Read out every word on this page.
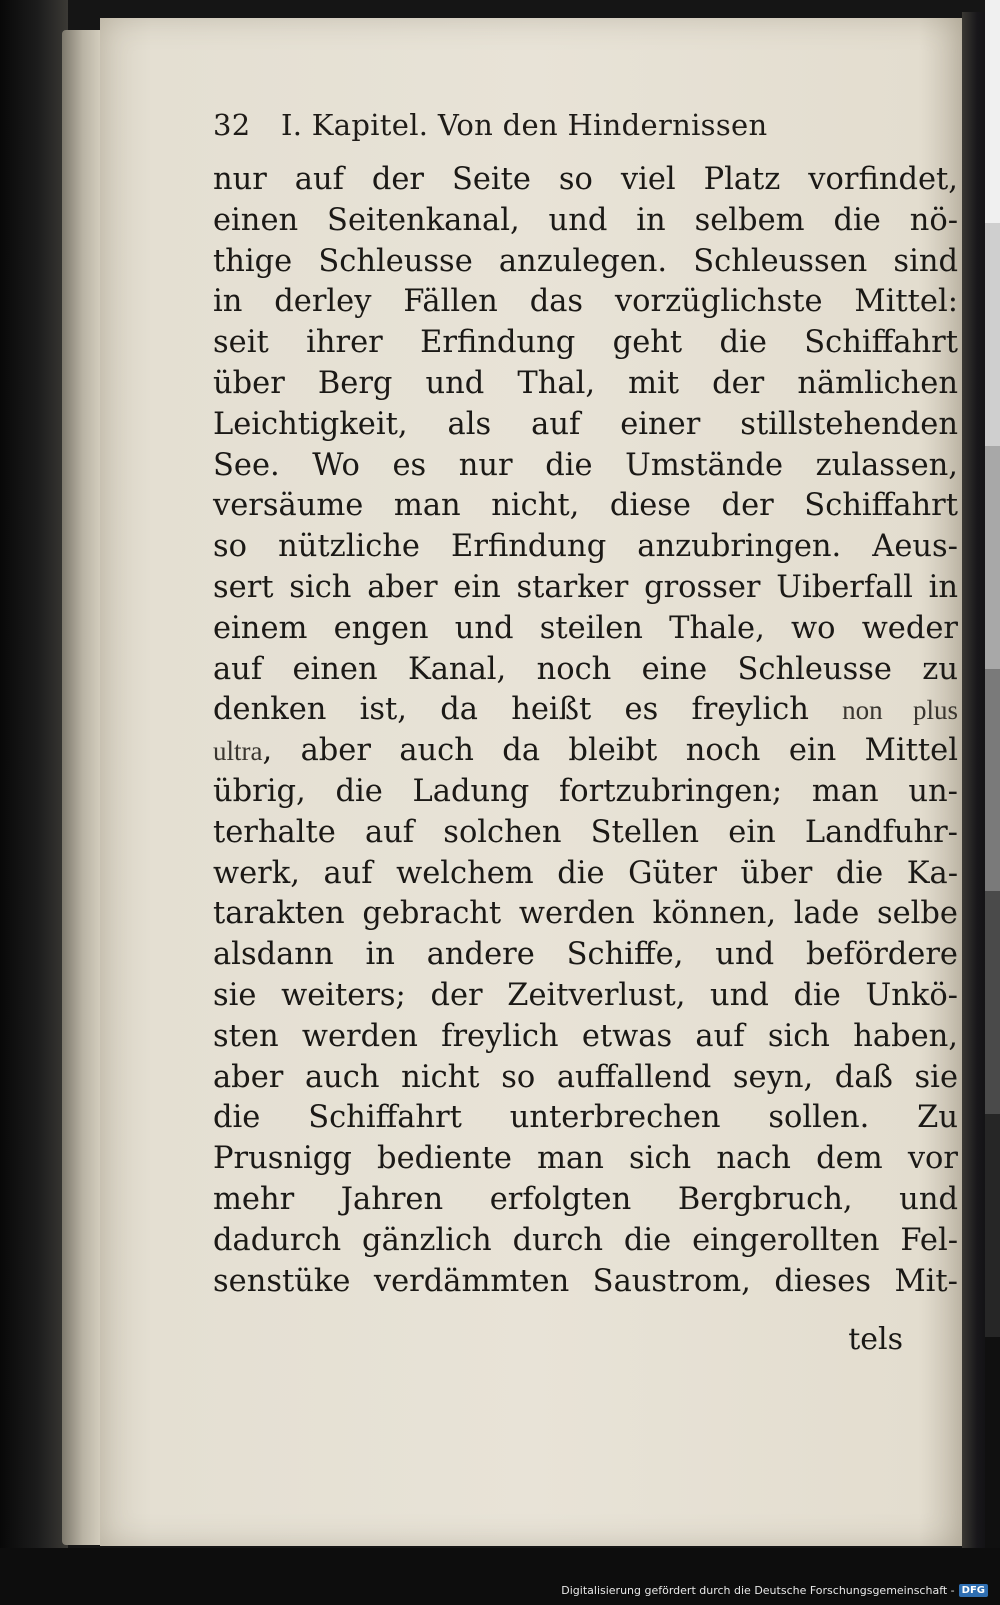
32 I. Kapitel. Von den Hindernissen
nur auf der Seite so viel Platz vorfindet,
einen Seitenkanal, und in selbem die nö-
thige Schleusse anzulegen. Schleussen sind
in derley Fällen das vorzüglichste Mittel:
seit ihrer Erfindung geht die Schiffahrt
über Berg und Thal, mit der nämlichen
Leichtigkeit, als auf einer stillstehenden
See. Wo es nur die Umstände zulassen,
versäume man nicht, diese der Schiffahrt
so nützliche Erfindung anzubringen. Aeus-
sert sich aber ein starker grosser Uiberfall in
einem engen und steilen Thale, wo weder
auf einen Kanal, noch eine Schleusse zu
denken ist, da heißt es freylich non plus
ultra, aber auch da bleibt noch ein Mittel
übrig, die Ladung fortzubringen; man un-
terhalte auf solchen Stellen ein Landfuhr-
werk, auf welchem die Güter über die Ka-
tarakten gebracht werden können, lade selbe
alsdann in andere Schiffe, und befördere
sie weiters; der Zeitverlust, und die Unkö-
sten werden freylich etwas auf sich haben,
aber auch nicht so auffallend seyn, daß sie
die Schiffahrt unterbrechen sollen. Zu
Prusnigg bediente man sich nach dem vor
mehr Jahren erfolgten Bergbruch, und
dadurch gänzlich durch die eingerollten Fel-
senstüke verdämmten Saustrom, dieses Mit-
tels
Digitalisierung gefördert durch die Deutsche Forschungsgemeinschaft - DFG
